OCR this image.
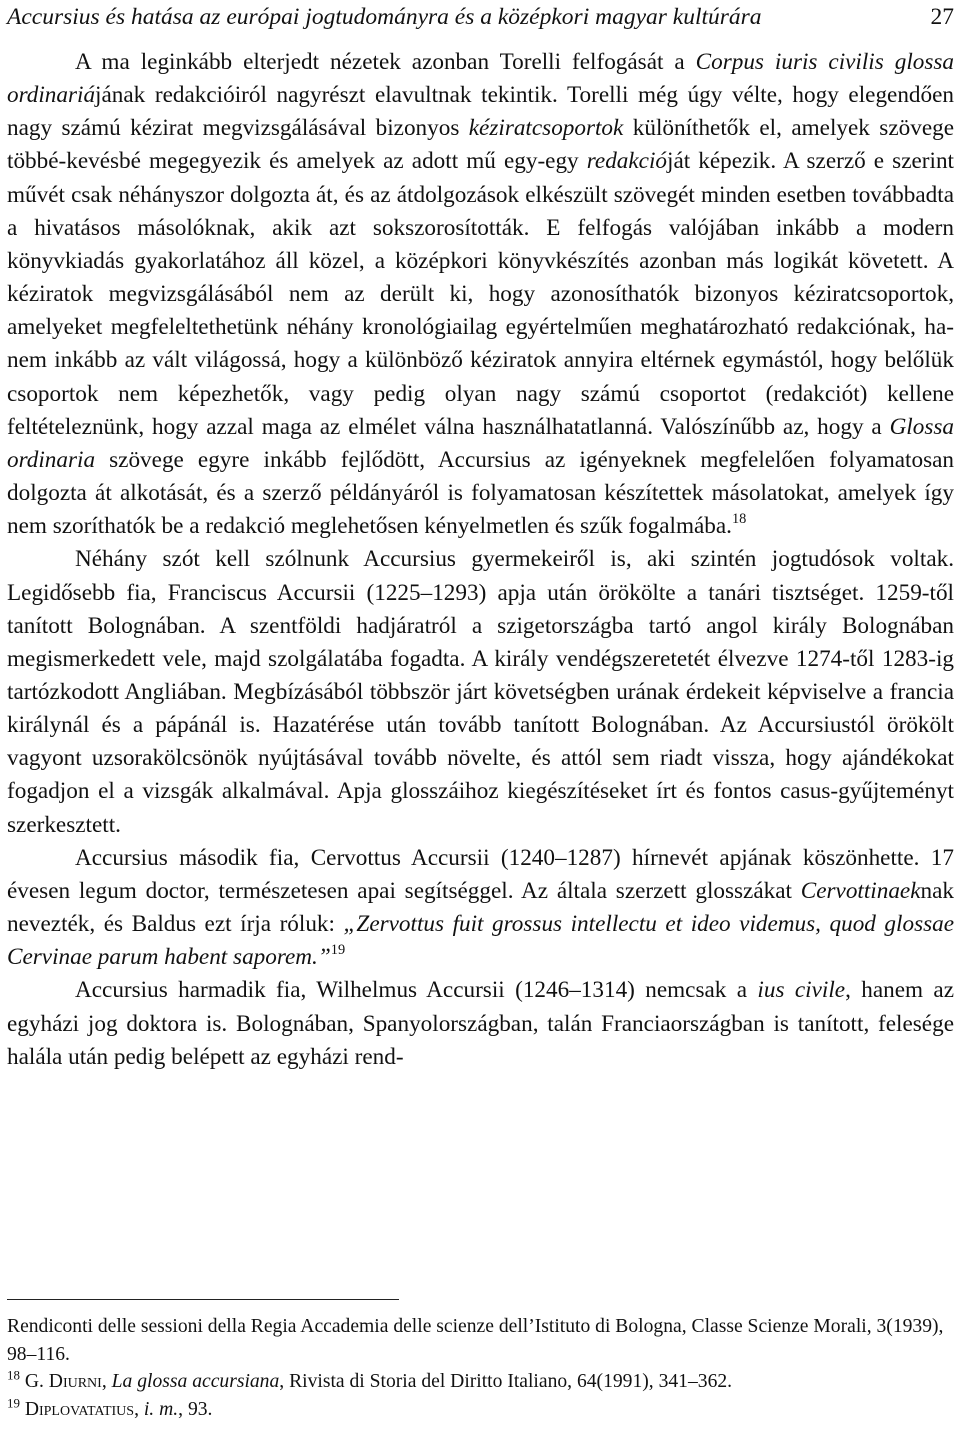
Accursius és hatása az európai jogtudományra és a középkori magyar kultúrára	27

A ma leginkább elterjedt nézetek azonban Torelli felfogását a Corpus iuris civilis glossa ordinariájának redakcióiról nagyrészt elavultnak tekintik. Torelli még úgy vélte, hogy elegendően nagy számú kézirat megvizsgálásával bizonyos kéziratcsoportok különíthetők el, amelyek szövege többé-kevésbé megegyezik és amelyek az adott mű egy-egy redakcióját képezik. A szerző e szerint művét csak néhányszor dolgozta át, és az átdolgozások elkészült szövegét minden esetben továbbadta a hivatásos másolóknak, akik azt sokszorosították. E felfogás valójában inkább a modern könyvkiadás gyakorlatához áll közel, a középkori könyvkészítés azonban más logikát követett. A kéziratok megvizsgálásából nem az derült ki, hogy azonosíthatók bizonyos kéziratcsoportok, amelyeket megfeleltethetünk néhány kronológiailag egyértelműen meghatározható redakciónak, hanem inkább az vált világossá, hogy a különböző kéziratok annyira eltérnek egymástól, hogy belőlük csoportok nem képezhetők, vagy pedig olyan nagy számú csoportot (redakciót) kellene feltételeznünk, hogy azzal maga az elmélet válna használhatatlanná. Valószínűbb az, hogy a Glossa ordinaria szövege egyre inkább fejlődött, Accursius az igényeknek megfelelően folyamatosan dolgozta át alkotását, és a szerző példányáról is folyamatosan készítettek másolatokat, amelyek így nem szoríthatók be a redakció meglehetősen kényelmetlen és szűk fogalmába.$^{18}$

Néhány szót kell szólnunk Accursius gyermekeiről is, aki szintén jogtudósok voltak. Legidősebb fia, Franciscus Accursii (1225–1293) apja után örökölte a tanári tisztséget. 1259-től tanított Bolognában. A szentföldi hadjáratról a szigetországba tartó angol király Bolognában megismerkedett vele, majd szolgálatába fogadta. A király vendégszeretetét élvezve 1274-től 1283-ig tartózkodott Angliában. Megbízásából többször járt követségben urának érdekeit képviselve a francia királynál és a pápánál is. Hazatérése után tovább tanított Bolognában. Az Accursiustól örökölt vagyont uzsorakölcsönök nyújtásával tovább növelte, és attól sem riadt vissza, hogy ajándékokat fogadjon el a vizsgák alkalmával. Apja glosszáihoz kiegészítéseket írt és fontos casus-gyűjteményt szerkesztett.

Accursius második fia, Cervottus Accursii (1240–1287) hírnevét apjának köszönhette. 17 évesen legum doctor, természetesen apai segítséggel. Az általa szerzett glosszákat Cervottinaeknak nevezték, és Baldus ezt írja róluk: „Zervottus fuit grossus intellectu et ideo videmus, quod glossae Cervinae parum habent saporem.”$^{19}$

Accursius harmadik fia, Wilhelmus Accursii (1246–1314) nemcsak a ius civile, hanem az egyházi jog doktora is. Bolognában, Spanyolországban, talán Franciaországban is tanított, felesége halála után pedig belépett az egyházi rend-

Rendiconti delle sessioni della Regia Accademia delle scienze dell’Istituto di Bologna, Classe Scienze Morali, 3(1939), 98–116.

$^{18}$ G. Diurni, La glossa accursiana, Rivista di Storia del Diritto Italiano, 64(1991), 341–362.

$^{19}$ Diplovatatius, i. m., 93.
